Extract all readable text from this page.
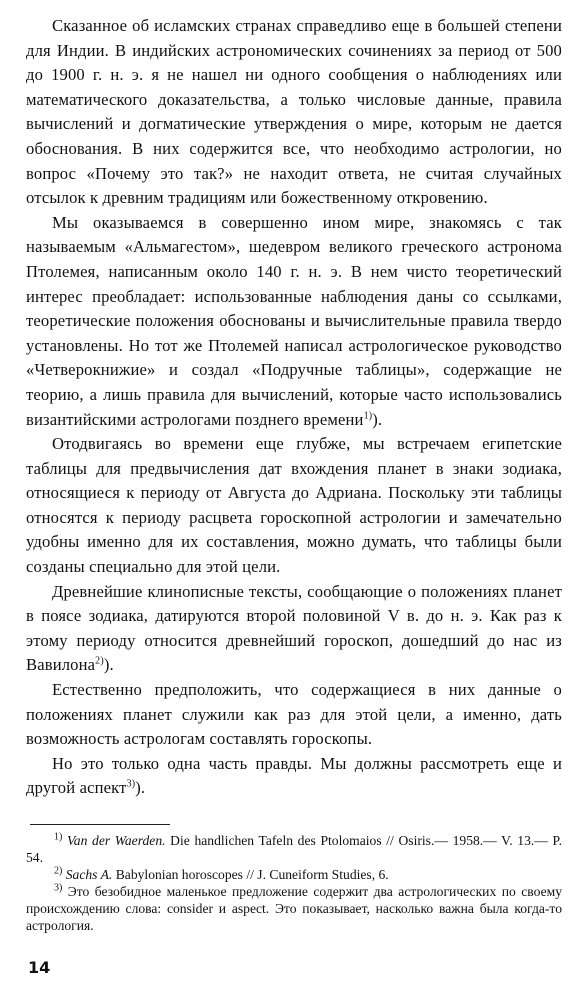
Сказанное об исламских странах справедливо еще в большей степени для Индии. В индийских астрономических сочинениях за период от 500 до 1900 г. н. э. я не нашел ни одного сообщения о наблюдениях или математического доказательства, а только числовые данные, правила вычислений и догматические утверждения о мире, которым не дается обоснования. В них содержится все, что необходимо астрологии, но вопрос «Почему это так?» не находит ответа, не считая случайных отсылок к древним традициям или божественному откровению.

Мы оказываемся в совершенно ином мире, знакомясь с так называемым «Альмагестом», шедевром великого греческого астронома Птолемея, написанным около 140 г. н. э. В нем чисто теоретический интерес преобладает: использованные наблюдения даны со ссылками, теоретические положения обоснованы и вычислительные правила твердо установлены. Но тот же Птолемей написал астрологическое руководство «Четверокнижие» и создал «Подручные таблицы», содержащие не теорию, а лишь правила для вычислений, которые часто использовались византийскими астрологами позднего времени$^{1)}$).

Отодвигаясь во времени еще глубже, мы встречаем египетские таблицы для предвычисления дат вхождения планет в знаки зодиака, относящиеся к периоду от Августа до Адриана. Поскольку эти таблицы относятся к периоду расцвета гороскопной астрологии и замечательно удобны именно для их составления, можно думать, что таблицы были созданы специально для этой цели.

Древнейшие клинописные тексты, сообщающие о положениях планет в поясе зодиака, датируются второй половиной V в. до н. э. Как раз к этому периоду относится древнейший гороскоп, дошедший до нас из Вавилона$^{2)}$).

Естественно предположить, что содержащиеся в них данные о положениях планет служили как раз для этой цели, а именно, дать возможность астрологам составлять гороскопы.

Но это только одна часть правды. Мы должны рассмотреть еще и другой аспект$^{3)}$).

$^{1)}$ Van der Waerden. Die handlichen Tafeln des Ptolomaios // Osiris.— 1958.— V. 13.— P. 54.

$^{2)}$ Sachs A. Babylonian horoscopes // J. Cuneiform Studies, 6.

$^{3)}$ Это безобидное маленькое предложение содержит два астрологических по своему происхождению слова: consider и aspect. Это показывает, насколько важна была когда-то астрология.

14
